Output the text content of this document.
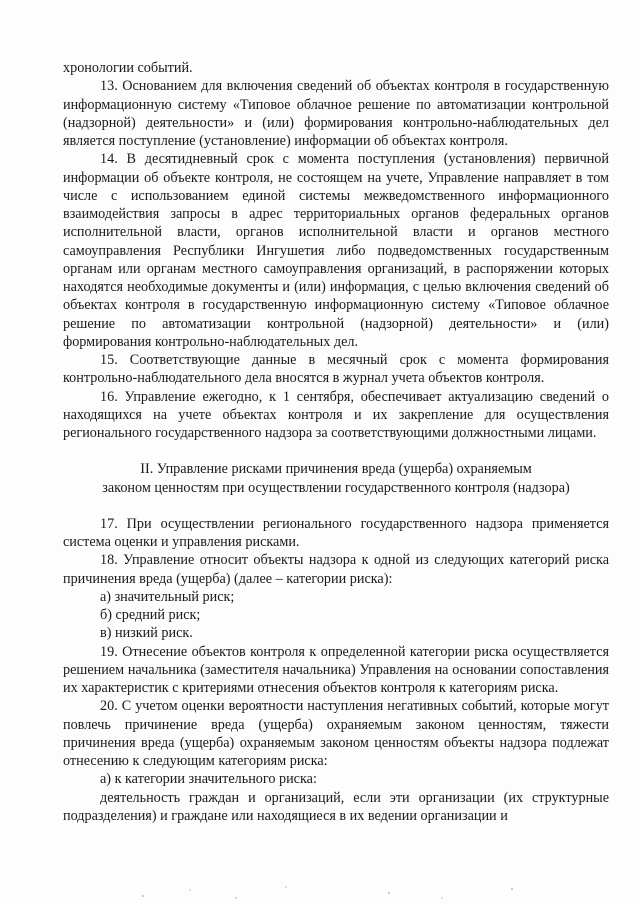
хронологии событий.

13. Основанием для включения сведений об объектах контроля в государственную информационную систему «Типовое облачное решение по автоматизации контрольной (надзорной) деятельности» и (или) формирования контрольно-наблюдательных дел является поступление (установление) информации об объектах контроля.

14. В десятидневный срок с момента поступления (установления) первичной информации об объекте контроля, не состоящем на учете, Управление направляет в том числе с использованием единой системы межведомственного информационного взаимодействия запросы в адрес территориальных органов федеральных органов исполнительной власти, органов исполнительной власти и органов местного самоуправления Республики Ингушетия либо подведомственных государственным органам или органам местного самоуправления организаций, в распоряжении которых находятся необходимые документы и (или) информация, с целью включения сведений об объектах контроля в государственную информационную систему «Типовое облачное решение по автоматизации контрольной (надзорной) деятельности» и (или) формирования контрольно-наблюдательных дел.

15. Соответствующие данные в месячный срок с момента формирования контрольно-наблюдательного дела вносятся в журнал учета объектов контроля.

16. Управление ежегодно, к 1 сентября, обеспечивает актуализацию сведений о находящихся на учете объектах контроля и их закрепление для осуществления регионального государственного надзора за соответствующими должностными лицами.

II. Управление рисками причинения вреда (ущерба) охраняемым

законом ценностям при осуществлении государственного контроля (надзора)

17. При осуществлении регионального государственного надзора применяется система оценки и управления рисками.

18. Управление относит объекты надзора к одной из следующих категорий риска причинения вреда (ущерба) (далее – категории риска):

а) значительный риск;

б) средний риск;

в) низкий риск.

19. Отнесение объектов контроля к определенной категории риска осуществляется решением начальника (заместителя начальника) Управления на основании сопоставления их характеристик с критериями отнесения объектов контроля к категориям риска.

20. С учетом оценки вероятности наступления негативных событий, которые могут повлечь причинение вреда (ущерба) охраняемым законом ценностям, тяжести причинения вреда (ущерба) охраняемым законом ценностям объекты надзора подлежат отнесению к следующим категориям риска:

а) к категории значительного риска:

деятельность граждан и организаций, если эти организации (их структурные подразделения) и граждане или находящиеся в их ведении организации и
